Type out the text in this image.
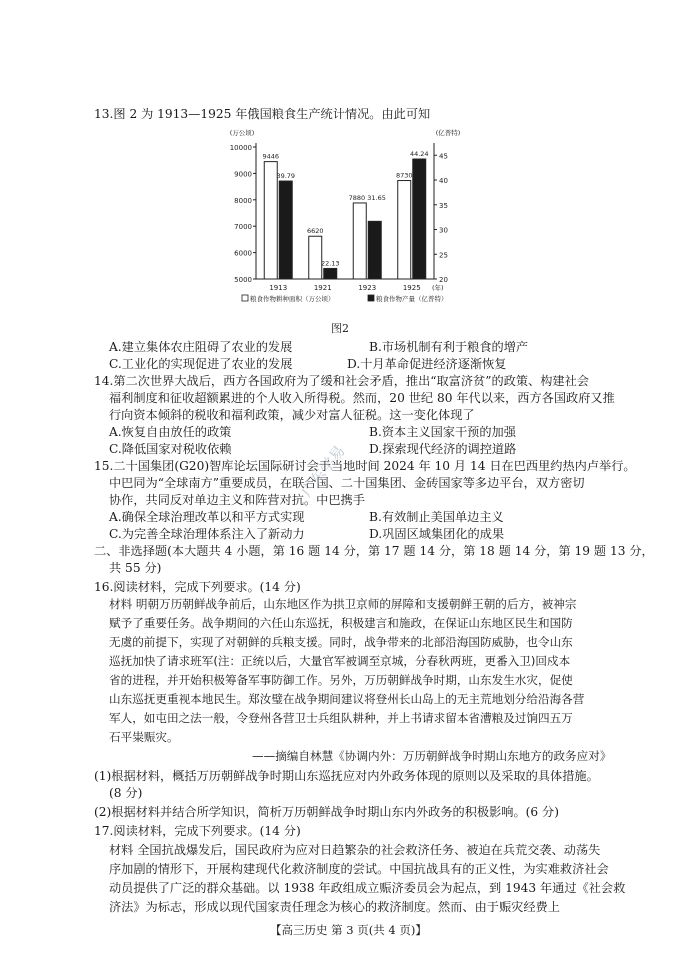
13.图 2 为 1913—1925 年俄国粮食生产统计情况。由此可知
10000
9000
8000
7000
6000
5000
45
40
35
30
25
20
(万公顷)	(亿普特)
1913
9446
39.79
1921
6620
22.13
1923
7880 31.65
1925
8730
44.24
(年)
粮食作物耕种面积（万公顷）	粮食作物产量（亿普特）
图2
A.建立集体农庄阻碍了农业的发展	B.市场机制有利于粮食的增产
C.工业化的实现促进了农业的发展	D.十月革命促进经济逐渐恢复
14.第二次世界大战后，西方各国政府为了缓和社会矛盾，推出“取富济贫”的政策、构建社会
福利制度和征收超额累进的个人收入所得税。然而，20 世纪 80 年代以来，西方各国政府又推
行向资本倾斜的税收和福利政策，减少对富人征税。这一变化体现了
A.恢复自由放任的政策	B.资本主义国家干预的加强
C.降低国家对税收依赖	D.探索现代经济的调控道路
15.二十国集团(G20)智库论坛国际研讨会于当地时间 2024 年 10 月 14 日在巴西里约热内卢举行。
中巴同为“全球南方”重要成员，在联合国、二十国集团、金砖国家等多边平台，双方密切
协作，共同反对单边主义和阵营对抗。中巴携手
A.确保全球治理改革以和平方式实现	B.有效制止美国单边主义
C.为完善全球治理体系注入了新动力	D.巩固区域集团化的成果
二、非选择题(本大题共 4 小题，第 16 题 14 分，第 17 题 14 分，第 18 题 14 分，第 19 题 13 分，
共 55 分)
16.阅读材料，完成下列要求。(14 分)
材料 明朝万历朝鲜战争前后，山东地区作为拱卫京师的屏障和支援朝鲜王朝的后方，被神宗
赋予了重要任务。战争期间的六任山东巡抚，积极建言和施政，在保证山东地区民生和国防
无虞的前提下，实现了对朝鲜的兵粮支援。同时，战争带来的北部沿海国防威胁，也令山东
巡抚加快了请求班军(注：正统以后，大量官军被调至京城，分春秋两班，更番入卫)回戍本
省的进程，并开始积极筹备军事防御工作。另外，万历朝鲜战争时期，山东发生水灾，促使
山东巡抚更重视本地民生。郑汝璧在战争期间建议将登州长山岛上的无主荒地划分给沿海各营
军人，如屯田之法一般，令登州各营卫士兵组队耕种，并上书请求留本省漕粮及过饷四五万
石平粜赈灾。
——摘编自林慧《协调内外：万历朝鲜战争时期山东地方的政务应对》
(1)根据材料，概括万历朝鲜战争时期山东巡抚应对内外政务体现的原则以及采取的具体措施。
(8 分)
(2)根据材料并结合所学知识，简析万历朝鲜战争时期山东内外政务的积极影响。(6 分)
17.阅读材料，完成下列要求。(14 分)
材料 全国抗战爆发后，国民政府为应对日趋繁杂的社会救济任务、被迫在兵荒交袭、动荡失
序加剧的情形下，开展构建现代化救济制度的尝试。中国抗战具有的正义性，为实难救济社会
动员提供了广泛的群众基础。以 1938 年政组成立赈济委员会为起点，到 1943 年通过《社会救
济法》为标志，形成以现代国家责任理念为核心的救济制度。然而、由于赈灾经费上
【高三历史 第 3 页(共 4 页)】
广东学易
